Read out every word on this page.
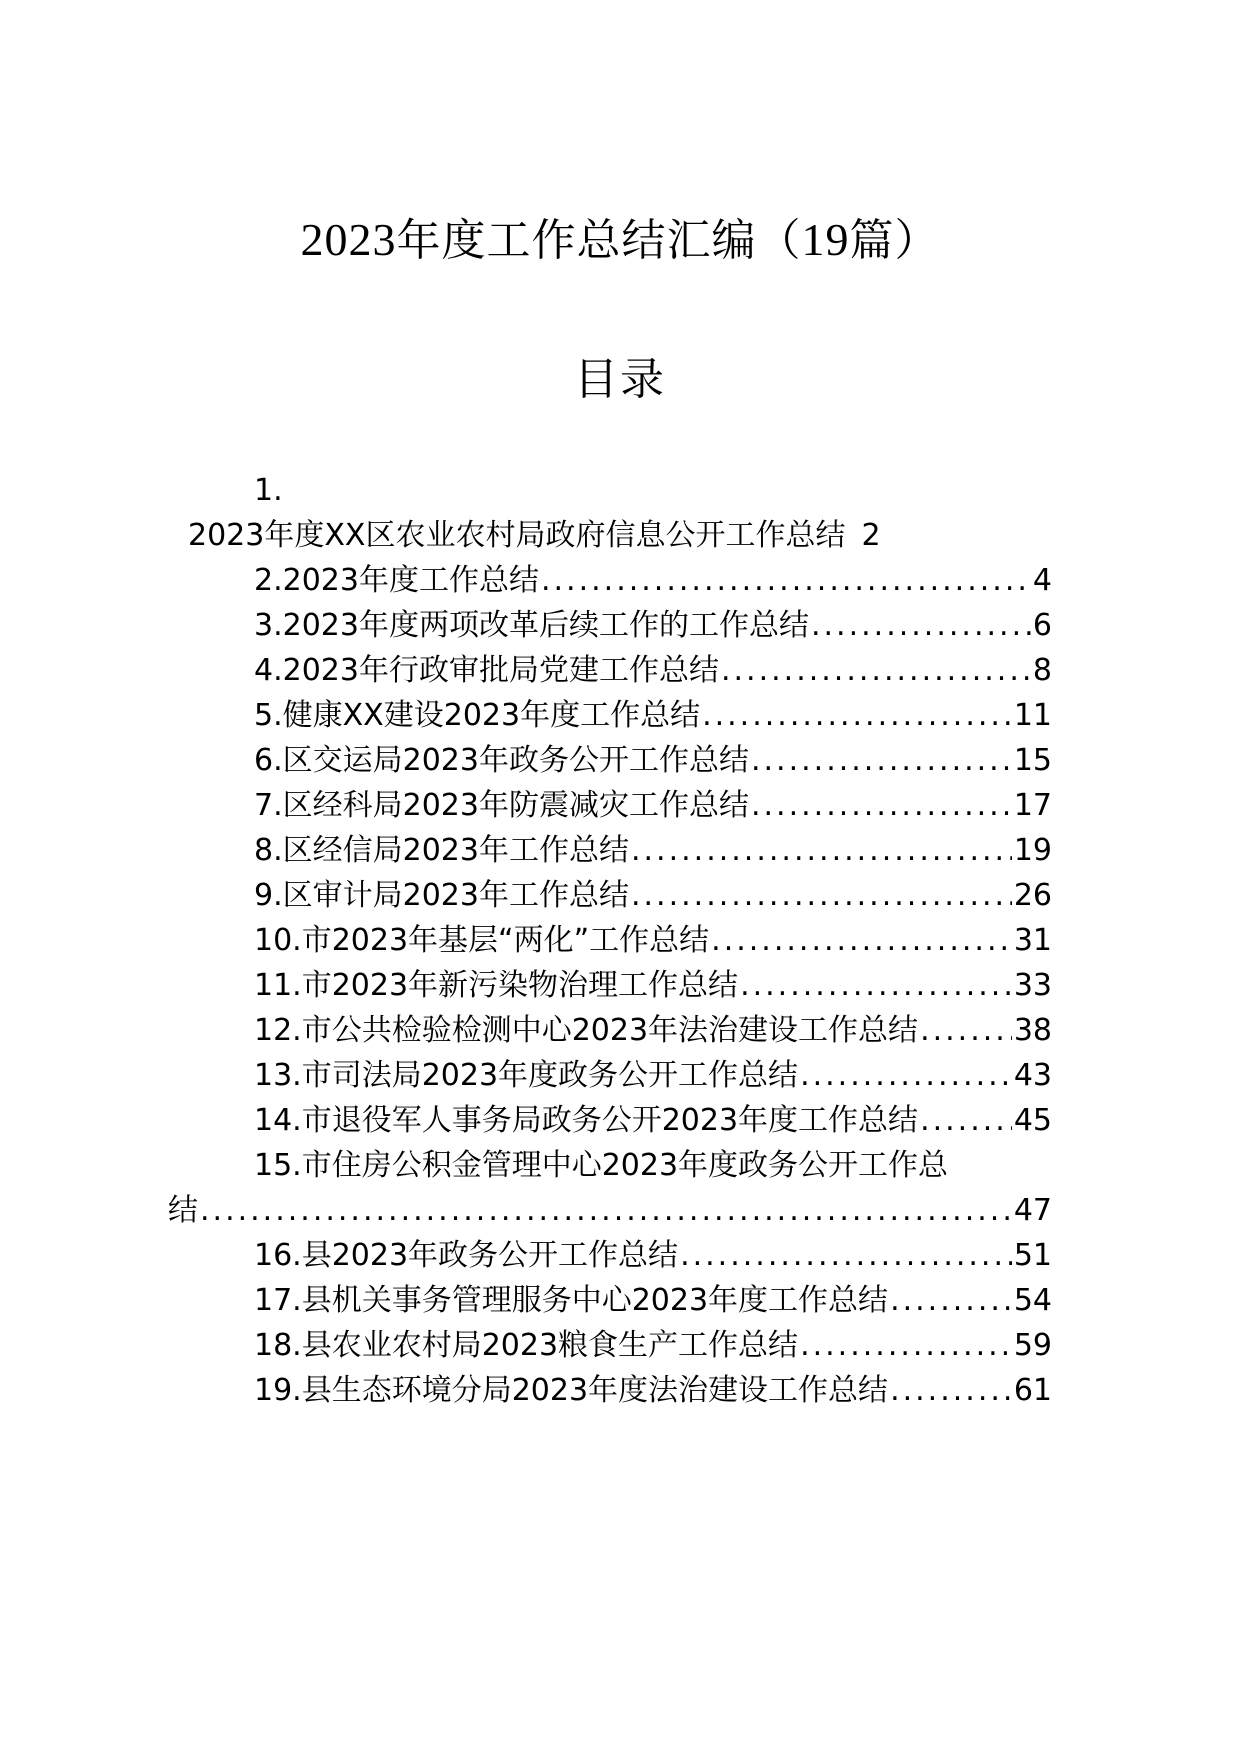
2023年度工作总结汇编（19篇）
目录
1.
2023年度XX区农业农村局政府信息公开工作总结 2
2.2023年度工作总结 .....	4
3.2023年度两项改革后续工作的工作总结 .....	6
4.2023年行政审批局党建工作总结 .....	8
5.健康XX建设2023年度工作总结 .....	11
6.区交运局2023年政务公开工作总结 .....	15
7.区经科局2023年防震减灾工作总结 .....	17
8.区经信局2023年工作总结 .....	19
9.区审计局2023年工作总结 .....	26
10.市2023年基层“两化”工作总结 .....	31
11.市2023年新污染物治理工作总结 .....	33
12.市公共检验检测中心2023年法治建设工作总结 .....	38
13.市司法局2023年度政务公开工作总结 .....	43
14.市退役军人事务局政务公开2023年度工作总结 .....	45
15.市住房公积金管理中心2023年度政务公开工作总
结 .....	47
16.县2023年政务公开工作总结 .....	51
17.县机关事务管理服务中心2023年度工作总结 .....	54
18.县农业农村局2023粮食生产工作总结 .....	59
19.县生态环境分局2023年度法治建设工作总结 .....	61
